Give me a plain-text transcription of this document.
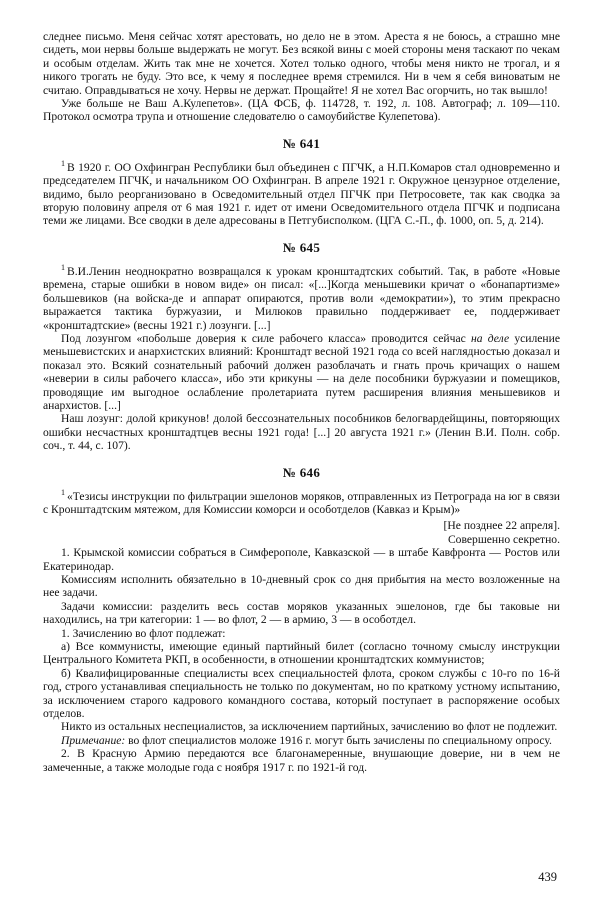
следнее письмо. Меня сейчас хотят арестовать, но дело не в этом. Ареста я не боюсь, а страшно мне сидеть, мои нервы больше выдержать не могут. Без всякой вины с моей стороны меня таскают по чекам и особым отделам. Жить так мне не хочется. Хотел только одного, чтобы меня никто не трогал, и я никого трогать не буду. Это все, к чему я последнее время стремился. Ни в чем я себя виноватым не считаю. Оправдываться не хочу. Нервы не держат. Прощайте! Я не хотел Вас огорчить, но так вышло!

Уже больше не Ваш А.Кулепетов». (ЦА ФСБ, ф. 114728, т. 192, л. 108. Автограф; л. 109—110. Протокол осмотра трупа и отношение следователю о самоубийстве Кулепетова).

№ 641

$^1$ В 1920 г. ОО Охфингран Республики был объединен с ПГЧК, а Н.П.Комаров стал одновременно и председателем ПГЧК, и начальником ОО Охфингран. В апреле 1921 г. Окружное цензурное отделение, видимо, было реорганизовано в Осведомительный отдел ПГЧК при Петросовете, так как сводка за вторую половину апреля от 6 мая 1921 г. идет от имени Осведомительного отдела ПГЧК и подписана теми же лицами. Все сводки в деле адресованы в Петгубисполком. (ЦГА С.-П., ф. 1000, оп. 5, д. 214).

№ 645

$^1$ В.И.Ленин неоднократно возвращался к урокам кронштадтских событий. Так, в работе «Новые времена, старые ошибки в новом виде» он писал: «[...]Когда меньшевики кричат о «бонапартизме» большевиков (на войска-де и аппарат опираются, против воли «демократии»), то этим прекрасно выражается тактика буржуазии, и Милюков правильно поддерживает ее, поддерживает «кронштадтские» (весны 1921 г.) лозунги. [...]

Под лозунгом «побольше доверия к силе рабочего класса» проводится сейчас на деле усиление меньшевистских и анархистских влияний: Кронштадт весной 1921 года со всей наглядностью доказал и показал это. Всякий сознательный рабочий должен разоблачать и гнать прочь кричащих о нашем «неверии в силы рабочего класса», ибо эти крикуны — на деле пособники буржуазии и помещиков, проводящие им выгодное ослабление пролетариата путем расширения влияния меньшевиков и анархистов. [...]

Наш лозунг: долой крикунов! долой бессознательных пособников белогвардейщины, повторяющих ошибки несчастных кронштадтцев весны 1921 года! [...] 20 августа 1921 г.» (Ленин В.И. Полн. собр. соч., т. 44, с. 107).

№ 646

$^1$ «Тезисы инструкции по фильтрации эшелонов моряков, отправленных из Петрограда на юг в связи с Кронштадтским мятежом, для Комиссии коморси и особотделов (Кавказ и Крым)»

[Не позднее 22 апреля].

Совершенно секретно.

1. Крымской комиссии собраться в Симферополе, Кавказской — в штабе Кавфронта — Ростов или Екатеринодар.

Комиссиям исполнить обязательно в 10-дневный срок со дня прибытия на место возложенные на нее задачи.

Задачи комиссии: разделить весь состав моряков указанных эшелонов, где бы таковые ни находились, на три категории: 1 — во флот, 2 — в армию, 3 — в особотдел.

1. Зачислению во флот подлежат:

а) Все коммунисты, имеющие единый партийный билет (согласно точному смыслу инструкции Центрального Комитета РКП, в особенности, в отношении кронштадтских коммунистов;

б) Квалифицированные специалисты всех специальностей флота, сроком службы с 10-го по 16-й год, строго устанавливая специальность не только по документам, но по краткому устному испытанию, за исключением старого кадрового командного состава, который поступает в распоряжение особых отделов.

Никто из остальных неспециалистов, за исключением партийных, зачислению во флот не подлежит.

Примечание: во флот специалистов моложе 1916 г. могут быть зачислены по специальному опросу.

2. В Красную Армию передаются все благонамеренные, внушающие доверие, ни в чем не замеченные, а также молодые года с ноября 1917 г. по 1921-й год.

439
